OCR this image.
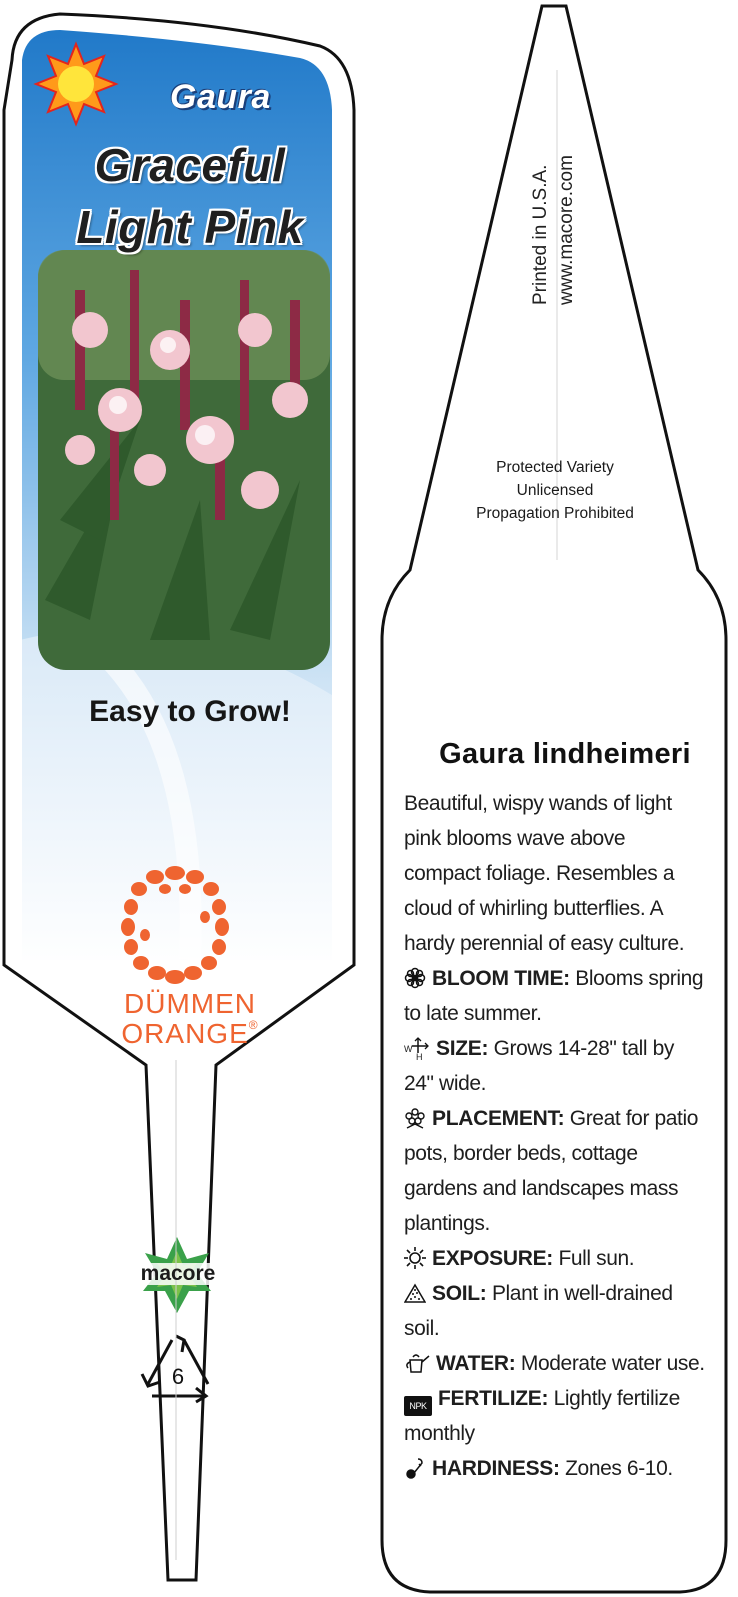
Gaura
Graceful
Light Pink
Easy to Grow!
DÜMMEN
ORANGE®
macore
6
Printed in U.S.A. www.macore.com
Protected Variety
Unlicensed
Propagation Prohibited
Gaura lindheimeri
Beautiful, wispy wands of light
pink blooms wave above
compact foliage. Resembles a
cloud of whirling butterflies. A
hardy perennial of easy culture.
BLOOM TIME: Blooms spring
to late summer.
W
H SIZE: Grows 14-28" tall by
24" wide.
PLACEMENT: Great for patio
pots, border beds, cottage
gardens and landscapes mass
plantings.
EXPOSURE: Full sun.
SOIL: Plant in well-drained
soil.
WATER: Moderate water use.
NPK FERTILIZE: Lightly fertilize
monthly
HARDINESS: Zones 6-10.
